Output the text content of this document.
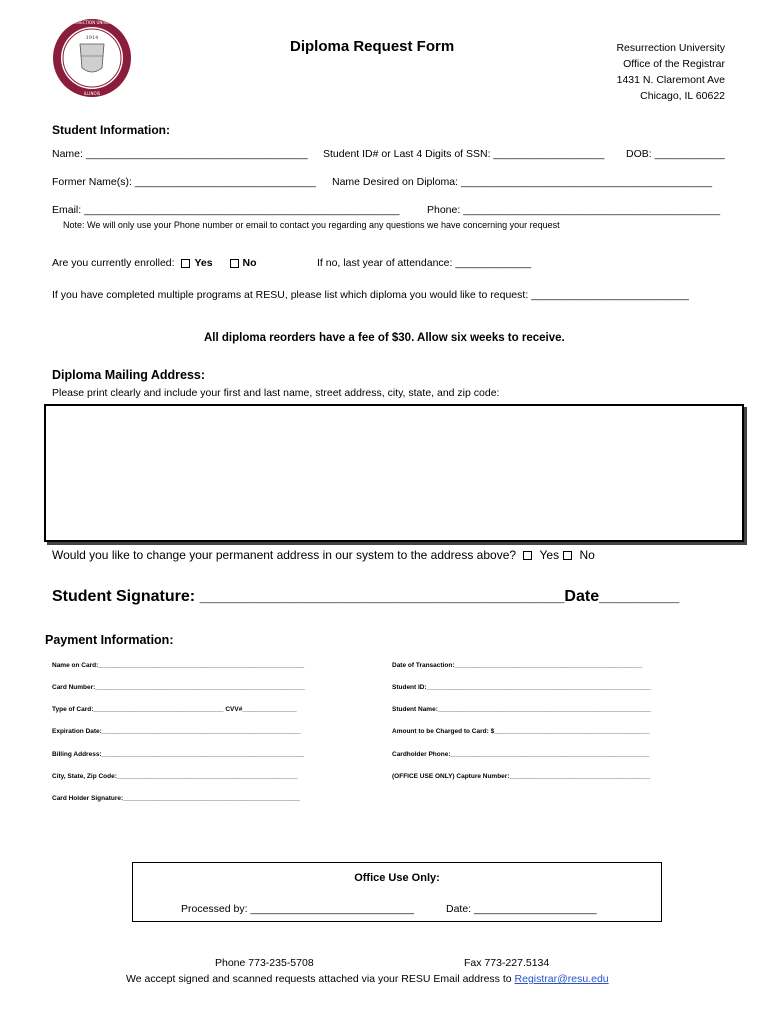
1914
ILLINOIS
RESURRECTION UNIVERSITY
Diploma Request Form	Resurrection University
Office of the Registrar
1431 N. Claremont Ave
Chicago, IL 60622
Student Information:
Name: ______________________________________ Student ID# or Last 4 Digits of SSN: ___________________ DOB: ____________
Former Name(s): _______________________________ Name Desired on Diploma: ___________________________________________
Email: ______________________________________________________	Phone: ____________________________________________
Note: We will only use your Phone number or email to contact you regarding any questions we have concerning your request
Are you currently enrolled: Yes	No	If no, last year of attendance: _____________
If you have completed multiple programs at RESU, please list which diploma you would like to request: ___________________________
All diploma reorders have a fee of $30. Allow six weeks to receive.
Diploma Mailing Address:
Please print clearly and include your first and last name, street address, city, state, and zip code:
Would you like to change your permanent address in our system to the address above? Yes No
Student Signature: _________________________________________Date_________
Payment Information:
Name on Card:_________________________________________________________
Card Number:__________________________________________________________
Type of Card:____________________________________ CVV#_______________
Expiration Date:_______________________________________________________
Billing Address:________________________________________________________
City, State, Zip Code:__________________________________________________
Card Holder Signature:_________________________________________________
Date of Transaction:____________________________________________________
Student ID:______________________________________________________________
Student Name:___________________________________________________________
Amount to be Charged to Card: $___________________________________________
Cardholder Phone:_______________________________________________________
(OFFICE USE ONLY) Capture Number:_______________________________________
Office Use Only:
Processed by: ____________________________	Date: _____________________
Phone 773-235-5708	Fax 773-227.5134
We accept signed and scanned requests attached via your RESU Email address to Registrar@resu.edu
